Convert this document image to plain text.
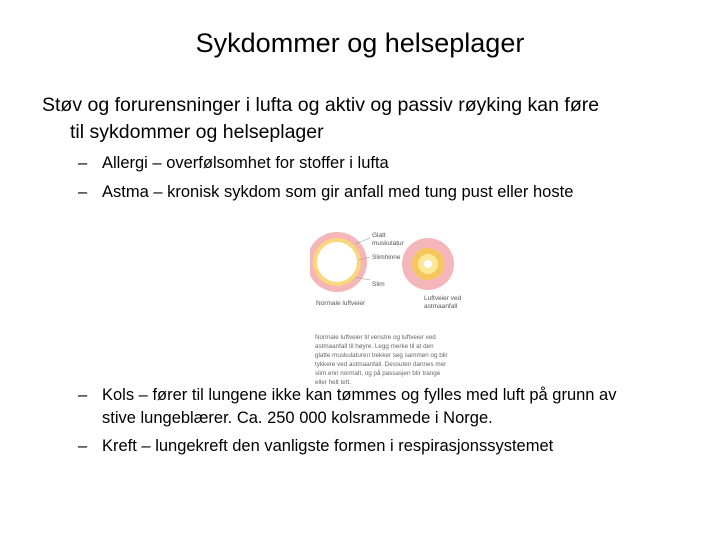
Sykdommer og helseplager
Støv og forurensninger i lufta og aktiv og passiv røyking kan føre
til sykdommer og helseplager
– Allergi – overfølsomhet for stoffer i lufta
– Astma – kronisk sykdom som gir anfall med tung pust eller hoste
Glatt muskulatur
Slimhinne
Slim
Normale luftveier
Luftveier ved astmaanfall
Normale luftveier til venstre og luftveier ved astmaanfall til høyre. Legg merke til at den glatte muskulaturen trekker seg sammen og blir tykkere ved astmaanfall. Dessuten dannes mer slim enn normalt, og på passasjen blir trange eller helt tett.
– Kols – fører til lungene ikke kan tømmes og fylles med luft på grunn av
stive lungeblærer. Ca. 250 000 kolsrammede i Norge.
– Kreft – lungekreft den vanligste formen i respirasjonssystemet
